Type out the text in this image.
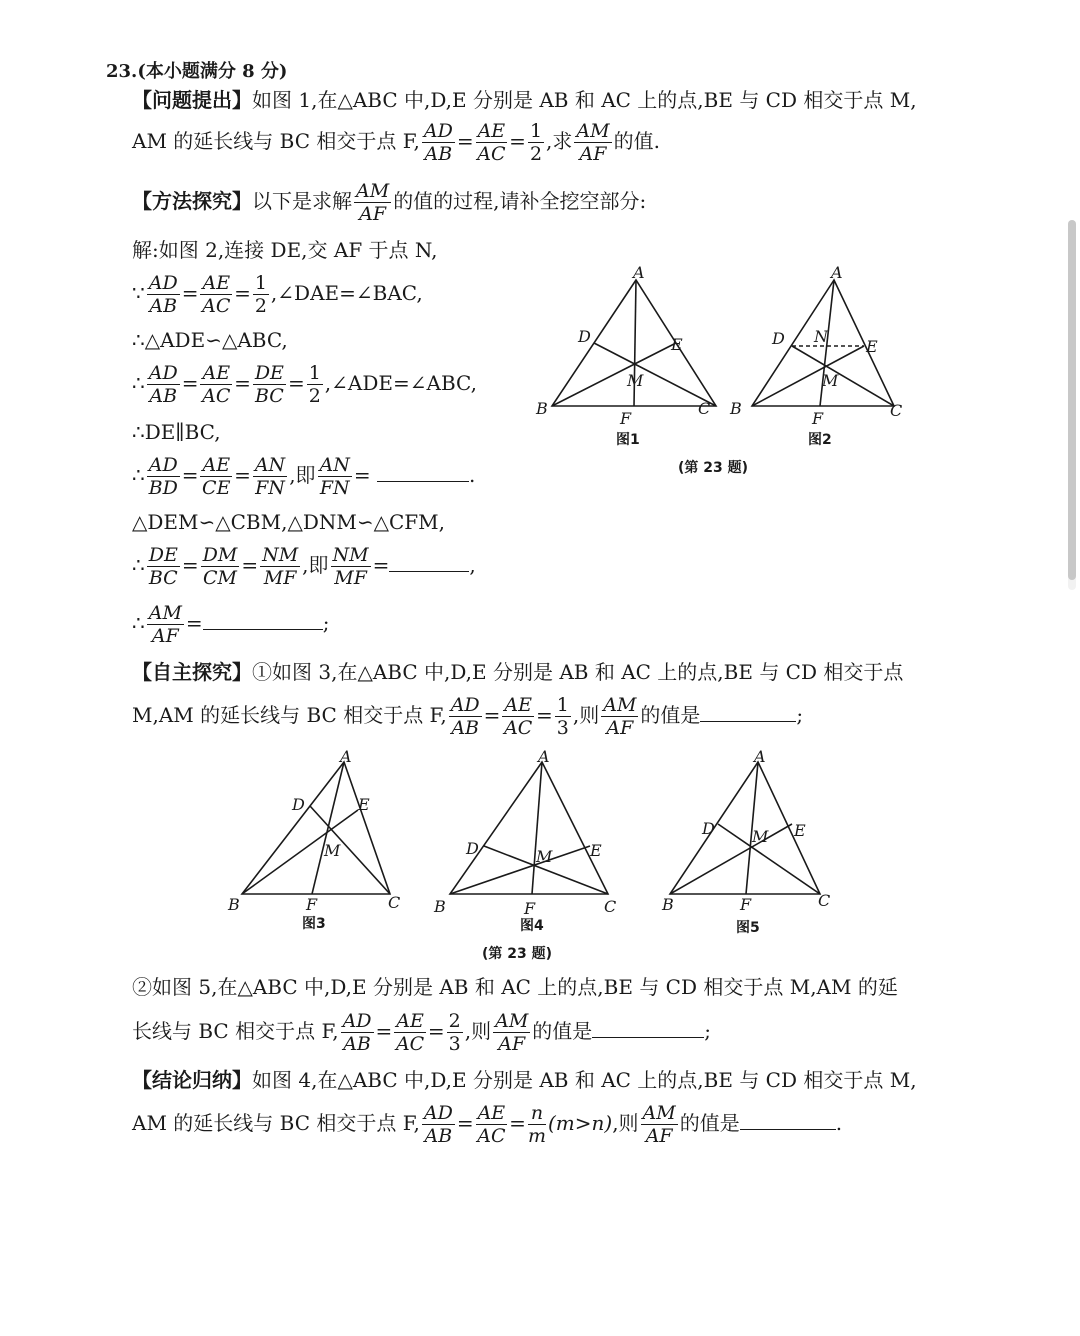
23.(本小题满分 8 分)
【问题提出】如图 1,在△ABC 中,D,E 分别是 AB 和 AC 上的点,BE 与 CD 相交于点 M,
AM 的延长线与 BC 相交于点 F, $\frac{AD}{AB} = \frac{AE}{AC} = \frac{1}{2}$ ,求 $\frac{AM}{AF}$ 的值.
【方法探究】以下是求解 $\frac{AM}{AF}$ 的值的过程,请补全挖空部分:
解:如图 2,连接 DE,交 AF 于点 N,
∵ $\frac{AD}{AB} = \frac{AE}{AC} = \frac{1}{2}$ ,∠DAE=∠BAC,
∴△ADE∽△ABC,
∴ $\frac{AD}{AB} = \frac{AE}{AC} = \frac{DE}{BC} = \frac{1}{2}$ ,∠ADE=∠ABC,
∴DE∥BC,
∴ $\frac{AD}{BD} = \frac{AE}{CE} = \frac{AN}{FN}$ ,即 $\frac{AN}{FN}$ =	.
△DEM∽△CBM,△DNM∽△CFM,
∴ $\frac{DE}{BC} = \frac{DM}{CM} = \frac{NM}{MF}$ ,即 $\frac{NM}{MF}$ =	,
∴ $\frac{AM}{AF}$ =	;
【自主探究】①如图 3,在△ABC 中,D,E 分别是 AB 和 AC 上的点,BE 与 CD 相交于点
M,AM 的延长线与 BC 相交于点 F, $\frac{AD}{AB} = \frac{AE}{AC} = \frac{1}{3}$ ,则 $\frac{AM}{AF}$ 的值是	;
②如图 5,在△ABC 中,D,E 分别是 AB 和 AC 上的点,BE 与 CD 相交于点 M,AM 的延
长线与 BC 相交于点 F, $\frac{AD}{AB} = \frac{AE}{AC} = \frac{2}{3}$ ,则 $\frac{AM}{AF}$ 的值是	;
【结论归纳】如图 4,在△ABC 中,D,E 分别是 AB 和 AC 上的点,BE 与 CD 相交于点 M,
AM 的延长线与 BC 相交于点 F, $\frac{AD}{AB} = \frac{AE}{AC} = \frac{n}{m} (m>n)$,则 $\frac{AM}{AF}$ 的值是	.
A
D	E
M
B	C
F
图1
A
D N
E
M
B	C
F
图2
(第 23 题)
A
D	E
M
B	C
F
图3
A
D	E
M
B	C
F
图4
A
D	E
M
B	C
F
图5
(第 23 题)
